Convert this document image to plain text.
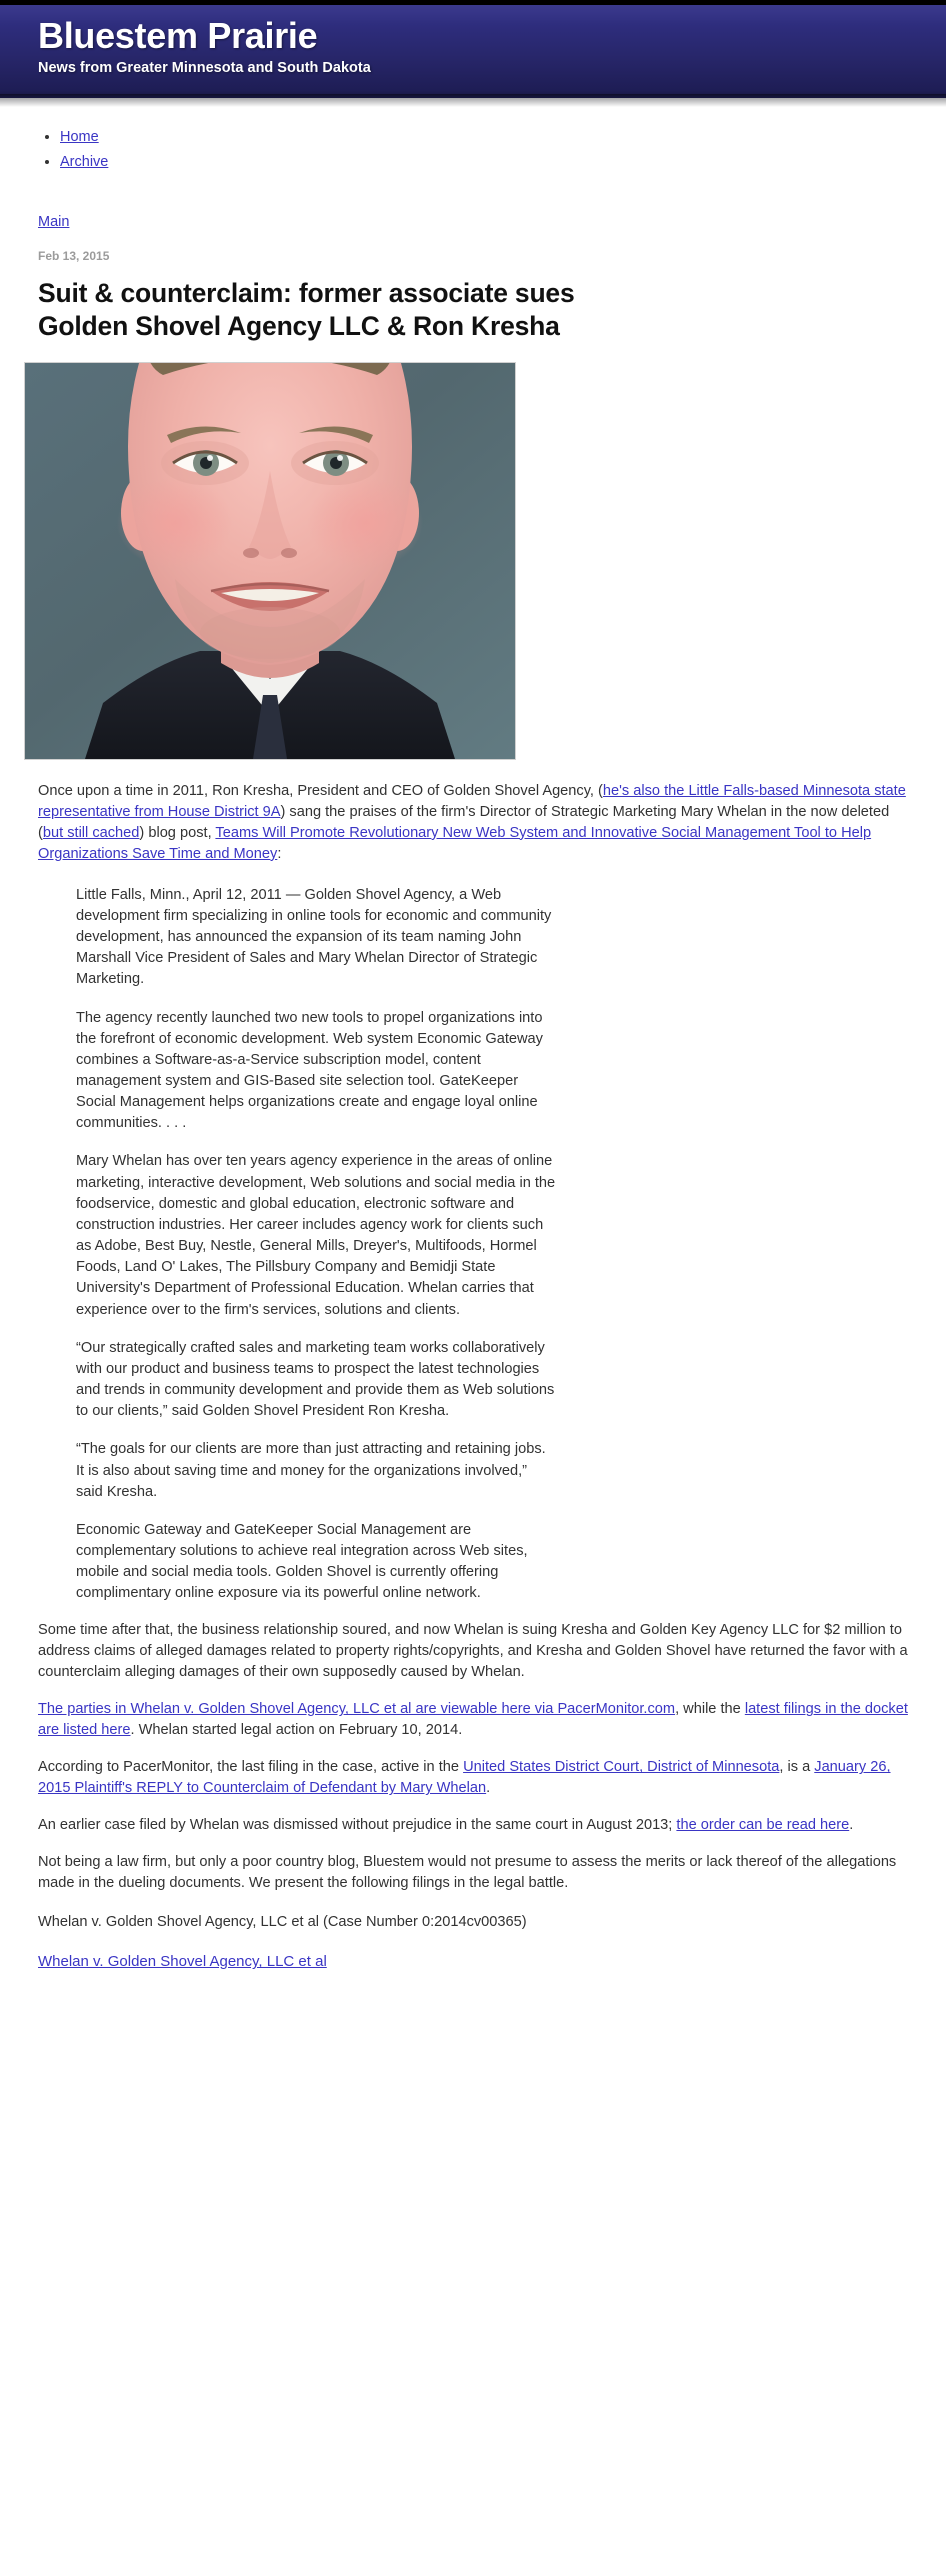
Bluestem Prairie
News from Greater Minnesota and South Dakota
• Home
• Archive
Main
Feb 13, 2015
Suit & counterclaim: former associate sues Golden Shovel Agency LLC & Ron Kresha

Once upon a time in 2011, Ron Kresha, President and CEO of Golden Shovel Agency, (he's also the Little Falls-based Minnesota state representative from House District 9A) sang the praises of the firm's Director of Strategic Marketing Mary Whelan in the now deleted (but still cached) blog post, Teams Will Promote Revolutionary New Web System and Innovative Social Management Tool to Help Organizations Save Time and Money:

Little Falls, Minn., April 12, 2011 — Golden Shovel Agency, a Web development firm specializing in online tools for economic and community development, has announced the expansion of its team naming John Marshall Vice President of Sales and Mary Whelan Director of Strategic Marketing.

The agency recently launched two new tools to propel organizations into the forefront of economic development. Web system Economic Gateway combines a Software-as-a-Service subscription model, content management system and GIS-Based site selection tool. GateKeeper Social Management helps organizations create and engage loyal online communities. . . .

Mary Whelan has over ten years agency experience in the areas of online marketing, interactive development, Web solutions and social media in the foodservice, domestic and global education, electronic software and construction industries. Her career includes agency work for clients such as Adobe, Best Buy, Nestle, General Mills, Dreyer's, Multifoods, Hormel Foods, Land O' Lakes, The Pillsbury Company and Bemidji State University's Department of Professional Education. Whelan carries that experience over to the firm's services, solutions and clients.

“Our strategically crafted sales and marketing team works collaboratively with our product and business teams to prospect the latest technologies and trends in community development and provide them as Web solutions to our clients,” said Golden Shovel President Ron Kresha.

“The goals for our clients are more than just attracting and retaining jobs. It is also about saving time and money for the organizations involved,” said Kresha.

Economic Gateway and GateKeeper Social Management are complementary solutions to achieve real integration across Web sites, mobile and social media tools. Golden Shovel is currently offering complimentary online exposure via its powerful online network.

Some time after that, the business relationship soured, and now Whelan is suing Kresha and Golden Key Agency LLC for $2 million to address claims of alleged damages related to property rights/copyrights, and Kresha and Golden Shovel have returned the favor with a counterclaim alleging damages of their own supposedly caused by Whelan.

The parties in Whelan v. Golden Shovel Agency, LLC et al are viewable here via PacerMonitor.com, while the latest filings in the docket are listed here. Whelan started legal action on February 10, 2014.

According to PacerMonitor, the last filing in the case, active in the United States District Court, District of Minnesota, is a January 26, 2015 Plaintiff's REPLY to Counterclaim of Defendant by Mary Whelan.

An earlier case filed by Whelan was dismissed without prejudice in the same court in August 2013; the order can be read here.

Not being a law firm, but only a poor country blog, Bluestem would not presume to assess the merits or lack thereof of the allegations made in the dueling documents. We present the following filings in the legal battle.

Whelan v. Golden Shovel Agency, LLC et al (Case Number 0:2014cv00365)

Whelan v. Golden Shovel Agency, LLC et al
